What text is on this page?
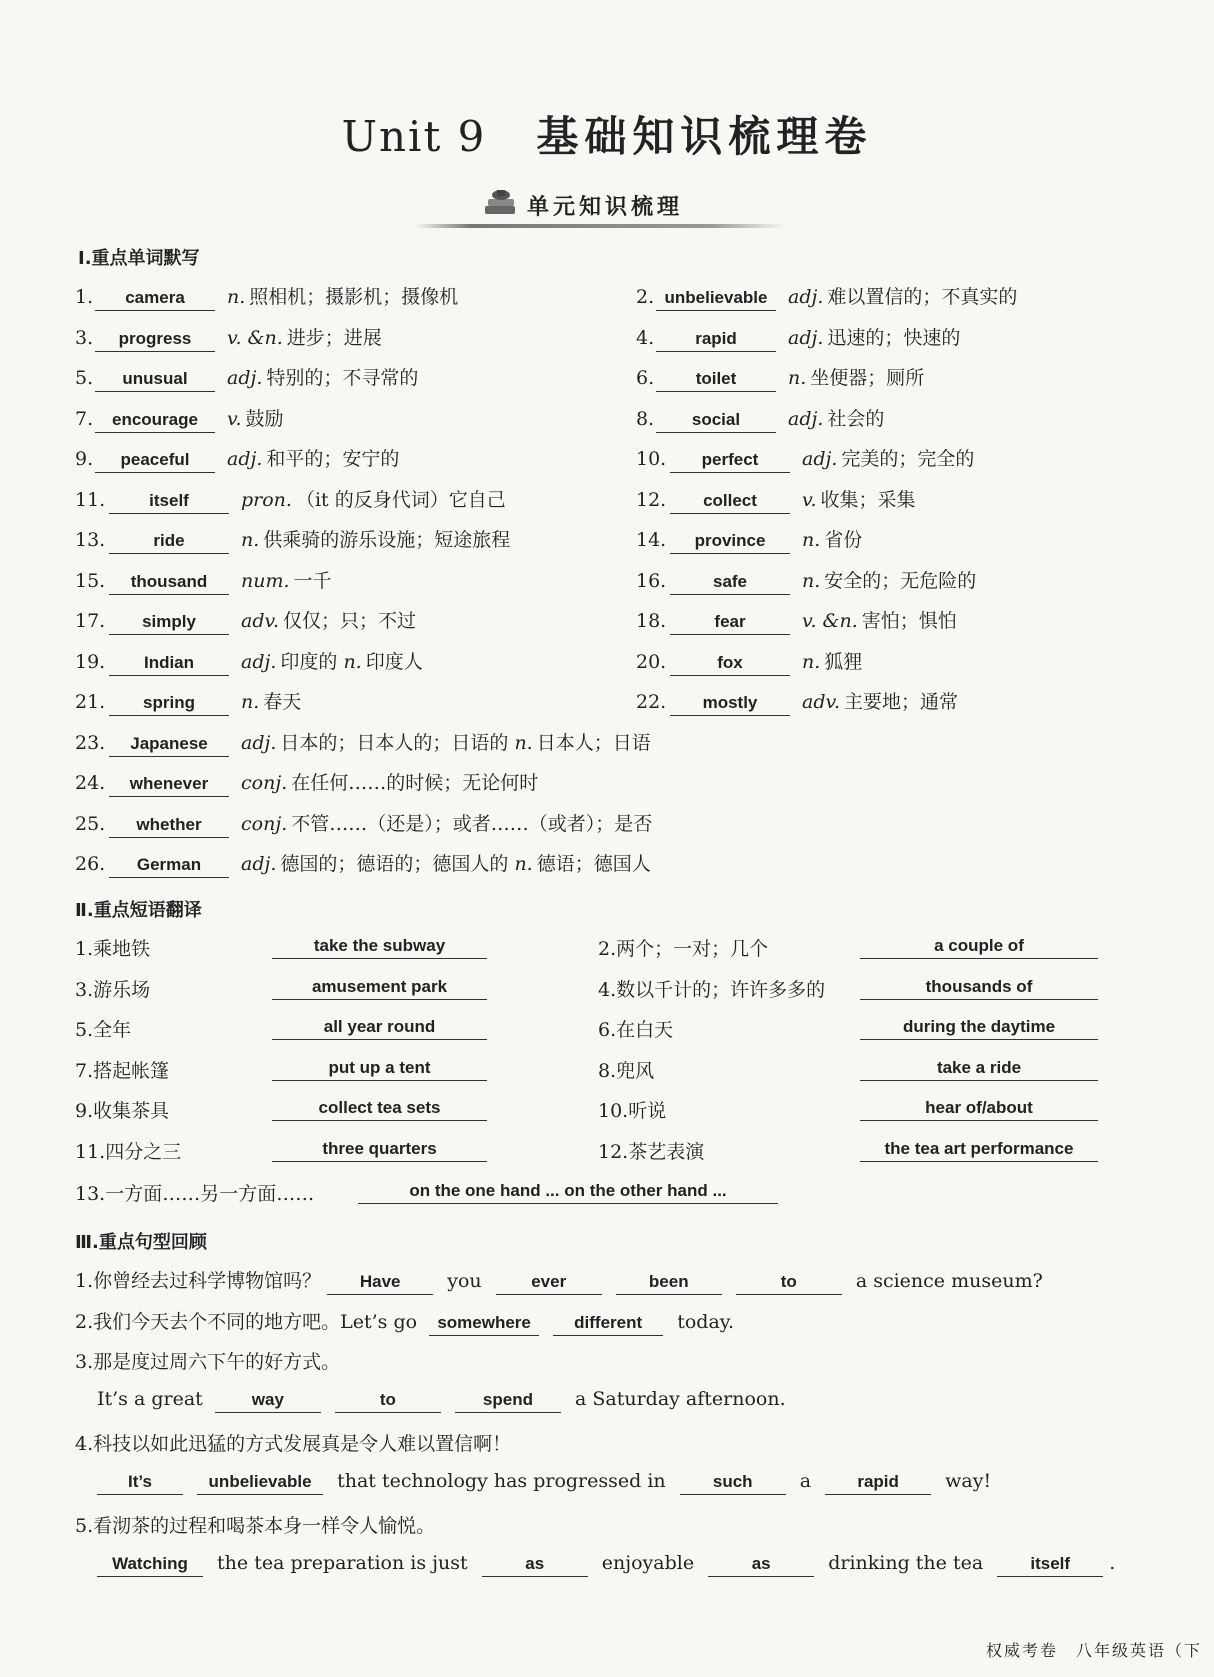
Unit 9 基础知识梳理卷
单元知识梳理
Ⅰ.重点单词默写
1. camera n. 照相机；摄影机；摄像机	2. unbelievable adj. 难以置信的；不真实的
3. progress v. &n. 进步；进展	4. rapid	adj. 迅速的；快速的
5. unusual adj. 特别的；不寻常的	6. toilet	n. 坐便器；厕所
7. encourage v. 鼓励	8. social	adj. 社会的
9. peaceful adj. 和平的；安宁的	10. perfect adj. 完美的；完全的
11.	itself	pron. （it 的反身代词）它自己	12. collect v. 收集；采集
13.	ride	n. 供乘骑的游乐设施；短途旅程	14. province n. 省份
15. thousand num. 一千	16.	safe	n. 安全的；无危险的
17. simply adv. 仅仅；只；不过	18.	fear	v. &n. 害怕；惧怕
19. Indian adj. 印度的 n. 印度人	20.	fox	n. 狐狸
21. spring n. 春天	22. mostly adv. 主要地；通常
23. Japanese adj. 日本的；日本人的；日语的 n. 日本人；日语
24. whenever conj. 在任何……的时候；无论何时
25. whether conj. 不管……（还是）；或者……（或者）；是否
26. German adj. 德国的；德语的；德国人的 n. 德语；德国人
Ⅱ.重点短语翻译
1.乘地铁	take the subway	2.两个；一对；几个	a couple of
3.游乐场	amusement park	4.数以千计的；许许多多的	thousands of
5.全年	all year round	6.在白天	during the daytime
7.搭起帐篷	put up a tent	8.兜风	take a ride
9.收集茶具	collect tea sets	10.听说	hear of/about
11.四分之三	three quarters	12.茶艺表演	the tea art performance
13.一方面……另一方面……	on the one hand ... on the other hand ...
Ⅲ.重点句型回顾
1.你曾经去过科学博物馆吗？ Have you	ever	been	to	a science museum?
2.我们今天去个不同的地方吧。Let’s go somewhere	different today.
3.那是度过周六下午的好方式。
It’s a great	way	to	spend a Saturday afternoon.
4.科技以如此迅猛的方式发展真是令人难以置信啊！
It’s	unbelievable that technology has progressed in	such a	rapid way!
5.看沏茶的过程和喝茶本身一样令人愉悦。
Watching the tea preparation is just	as	enjoyable	as	drinking the tea	itself .
权威考卷　八年级英语（下
